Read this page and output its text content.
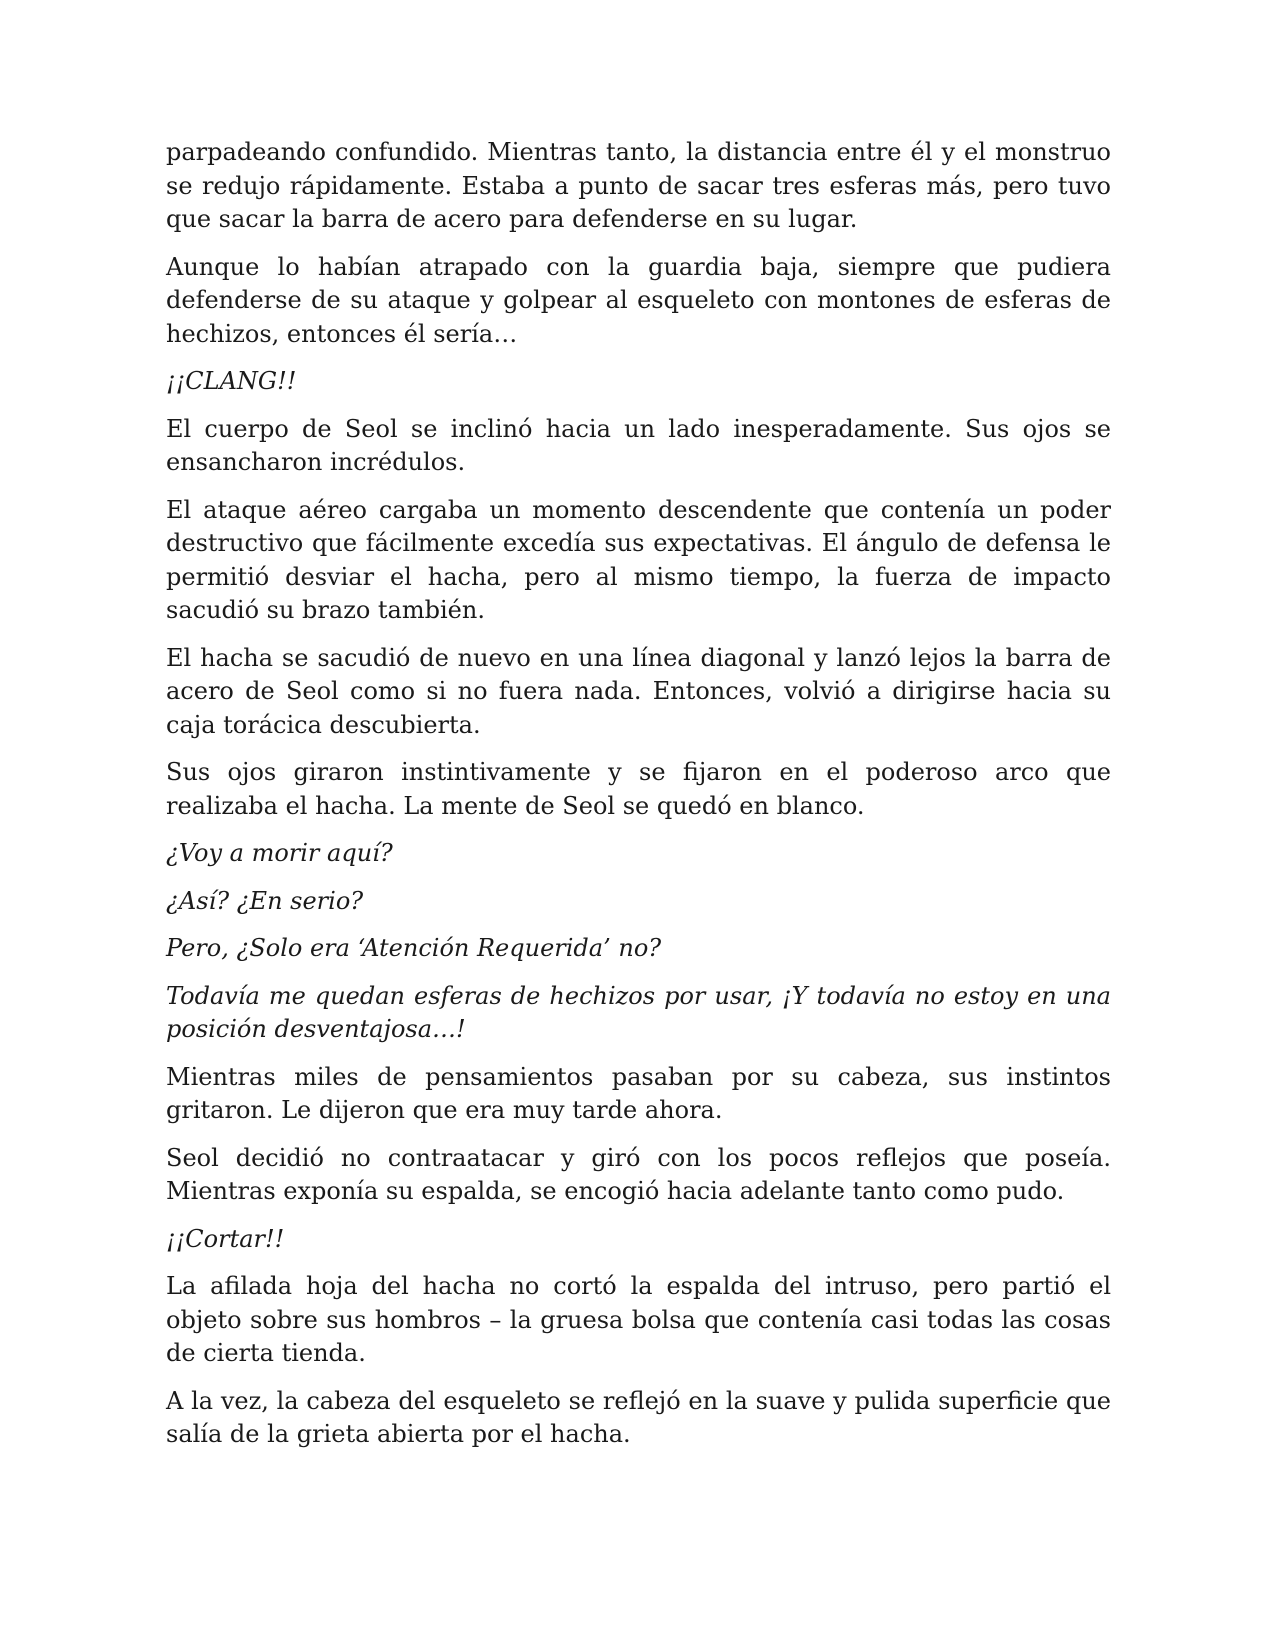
parpadeando confundido. Mientras tanto, la distancia entre él y el monstruo se redujo rápidamente. Estaba a punto de sacar tres esferas más, pero tuvo que sacar la barra de acero para defenderse en su lugar.

Aunque lo habían atrapado con la guardia baja, siempre que pudiera defenderse de su ataque y golpear al esqueleto con montones de esferas de hechizos, entonces él sería…

¡¡CLANG!!

El cuerpo de Seol se inclinó hacia un lado inesperadamente. Sus ojos se ensancharon incrédulos.

El ataque aéreo cargaba un momento descendente que contenía un poder destructivo que fácilmente excedía sus expectativas. El ángulo de defensa le permitió desviar el hacha, pero al mismo tiempo, la fuerza de impacto sacudió su brazo también.

El hacha se sacudió de nuevo en una línea diagonal y lanzó lejos la barra de acero de Seol como si no fuera nada. Entonces, volvió a dirigirse hacia su caja torácica descubierta.

Sus ojos giraron instintivamente y se fijaron en el poderoso arco que realizaba el hacha. La mente de Seol se quedó en blanco.

¿Voy a morir aquí?

¿Así? ¿En serio?

Pero, ¿Solo era ‘Atención Requerida’ no?

Todavía me quedan esferas de hechizos por usar, ¡Y todavía no estoy en una posición desventajosa…!

Mientras miles de pensamientos pasaban por su cabeza, sus instintos gritaron. Le dijeron que era muy tarde ahora.

Seol decidió no contraatacar y giró con los pocos reflejos que poseía. Mientras exponía su espalda, se encogió hacia adelante tanto como pudo.

¡¡Cortar!!

La afilada hoja del hacha no cortó la espalda del intruso, pero partió el objeto sobre sus hombros – la gruesa bolsa que contenía casi todas las cosas de cierta tienda.

A la vez, la cabeza del esqueleto se reflejó en la suave y pulida superficie que salía de la grieta abierta por el hacha.
